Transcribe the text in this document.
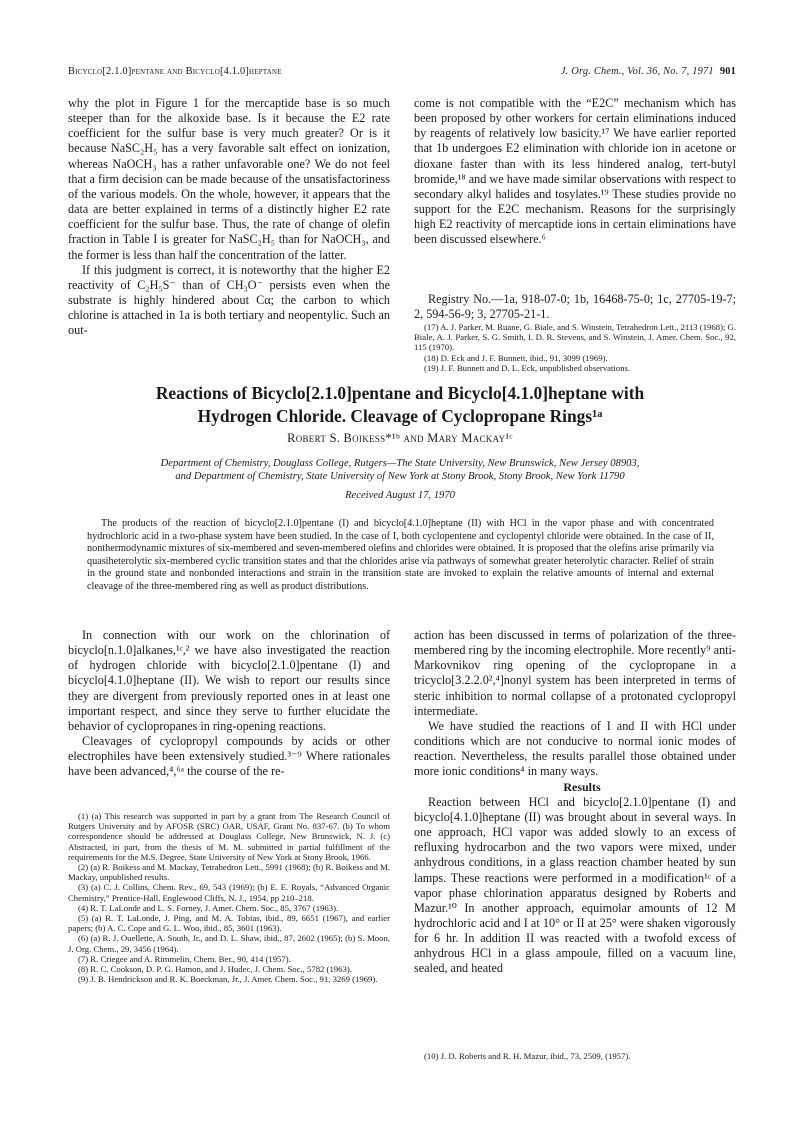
Bicyclo[2.1.0]pentane and Bicyclo[4.1.0]heptane	J. Org. Chem., Vol. 36, No. 7, 1971 901

why the plot in Figure 1 for the mercaptide base is so much steeper than for the alkoxide base. Is it because the E2 rate coefficient for the sulfur base is very much greater? Or is it because NaSC₂H₅ has a very favorable salt effect on ionization, whereas NaOCH₃ has a rather unfavorable one? We do not feel that a firm decision can be made because of the unsatisfactoriness of the various models. On the whole, however, it appears that the data are better explained in terms of a distinctly higher E2 rate coefficient for the sulfur base. Thus, the rate of change of olefin fraction in Table I is greater for NaSC₂H₅ than for NaOCH₃, and the former is less than half the concentration of the latter.

If this judgment is correct, it is noteworthy that the higher E2 reactivity of C₂H₅S⁻ than of CH₃O⁻ persists even when the substrate is highly hindered about Cα; the carbon to which chlorine is attached in 1a is both tertiary and neopentylic. Such an out-

come is not compatible with the “E2C” mechanism which has been proposed by other workers for certain eliminations induced by reagents of relatively low basicity.¹⁷ We have earlier reported that 1b undergoes E2 elimination with chloride ion in acetone or dioxane faster than with its less hindered analog, tert-butyl bromide,¹⁸ and we have made similar observations with respect to secondary alkyl halides and tosylates.¹⁹ These studies provide no support for the E2C mechanism. Reasons for the surprisingly high E2 reactivity of mercaptide ions in certain eliminations have been discussed elsewhere.⁶

Registry No.—1a, 918-07-0; 1b, 16468-75-0; 1c, 27705-19-7; 2, 594-56-9; 3, 27705-21-1.

(17) A. J. Parker, M. Ruane, G. Biale, and S. Winstein, Tetrahedron Lett., 2113 (1968); G. Biale, A. J. Parker, S. G. Smith, I. D. R. Stevens, and S. Winstein, J. Amer. Chem. Soc., 92, 115 (1970).

(18) D. Eck and J. F. Bunnett, ibid., 91, 3099 (1969).

(19) J. F. Bunnett and D. L. Eck, unpublished observations.

Reactions of Bicyclo[2.1.0]pentane and Bicyclo[4.1.0]heptane with
Hydrogen Chloride. Cleavage of Cyclopropane Rings¹ᵃ
Robert S. Boikess*¹ᵇ and Mary Mackay¹ᶜ
Department of Chemistry, Douglass College, Rutgers—The State University, New Brunswick, New Jersey 08903,
and Department of Chemistry, State University of New York at Stony Brook, Stony Brook, New York 11790
Received August 17, 1970

The products of the reaction of bicyclo[2.1.0]pentane (I) and bicyclo[4.1.0]heptane (II) with HCl in the vapor phase and with concentrated hydrochloric acid in a two-phase system have been studied. In the case of I, both cyclopentene and cyclopentyl chloride were obtained. In the case of II, nonthermodynamic mixtures of six-membered and seven-membered olefins and chlorides were obtained. It is proposed that the olefins arise primarily via quasiheterolytic six-membered cyclic transition states and that the chlorides arise via pathways of somewhat greater heterolytic character. Relief of strain in the ground state and nonbonded interactions and strain in the transition state are invoked to explain the relative amounts of internal and external cleavage of the three-membered ring as well as product distributions.

In connection with our work on the chlorination of bicyclo[n.1.0]alkanes,¹ᶜ,² we have also investigated the reaction of hydrogen chloride with bicyclo[2.1.0]pentane (I) and bicyclo[4.1.0]heptane (II). We wish to report our results since they are divergent from previously reported ones in at least one important respect, and since they serve to further elucidate the behavior of cyclopropanes in ring-opening reactions.

Cleavages of cyclopropyl compounds by acids or other electrophiles have been extensively studied.³⁻⁹ Where rationales have been advanced,⁴,⁶ᵃ the course of the re-

(1) (a) This research was supported in part by a grant from The Research Council of Rutgers University and by AFOSR (SRC) OAR, USAF, Grant No. 837-67. (b) To whom correspondence should be addressed at Douglass College, New Brunswick, N. J. (c) Abstracted, in part, from the thesis of M. M. submitted in partial fulfillment of the requirements for the M.S. Degree, State University of New York at Stony Brook, 1966.

(2) (a) R. Boikess and M. Mackay, Tetrahedron Lett., 5991 (1968); (b) R. Boikess and M. Mackay, unpublished results.

(3) (a) C. J. Collins, Chem. Rev., 69, 543 (1969); (b) E. E. Royals, “Advanced Organic Chemistry,” Prentice-Hall, Englewood Cliffs, N. J., 1954, pp 210–218.

(4) R. T. LaLonde and L. S. Forney, J. Amer. Chem. Soc., 85, 3767 (1963).

(5) (a) R. T. LaLonde, J. Ping, and M. A. Tobias, ibid., 89, 6651 (1967), and earlier papers; (b) A. C. Cope and G. L. Woo, ibid., 85, 3601 (1963).

(6) (a) R. J. Ouellette, A. South, Jr., and D. L. Shaw, ibid., 87, 2602 (1965); (b) S. Moon, J. Org. Chem., 29, 3456 (1964).

(7) R. Criegee and A. Rimmelin, Chem. Ber., 90, 414 (1957).

(8) R. C. Cookson, D. P. G. Hamon, and J. Hudec, J. Chem. Soc., 5782 (1963).

(9) J. B. Hendrickson and R. K. Boeckman, Jr., J. Amer. Chem. Soc., 91, 3269 (1969).

action has been discussed in terms of polarization of the three-membered ring by the incoming electrophile. More recently⁹ anti-Markovnikov ring opening of the cyclopropane in a tricyclo[3.2.2.0²,⁴]nonyl system has been interpreted in terms of steric inhibition to normal collapse of a protonated cyclopropyl intermediate.

We have studied the reactions of I and II with HCl under conditions which are not conducive to normal ionic modes of reaction. Nevertheless, the results parallel those obtained under more ionic conditions⁴ in many ways.

Results

Reaction between HCl and bicyclo[2.1.0]pentane (I) and bicyclo[4.1.0]heptane (II) was brought about in several ways. In one approach, HCl vapor was added slowly to an excess of refluxing hydrocarbon and the two vapors were mixed, under anhydrous conditions, in a glass reaction chamber heated by sun lamps. These reactions were performed in a modification¹ᶜ of a vapor phase chlorination apparatus designed by Roberts and Mazur.¹⁰ In another approach, equimolar amounts of 12 M hydrochloric acid and I at 10° or II at 25° were shaken vigorously for 6 hr. In addition II was reacted with a twofold excess of anhydrous HCl in a glass ampoule, filled on a vacuum line, sealed, and heated

(10) J. D. Roberts and R. H. Mazur, ibid., 73, 2509, (1957).
